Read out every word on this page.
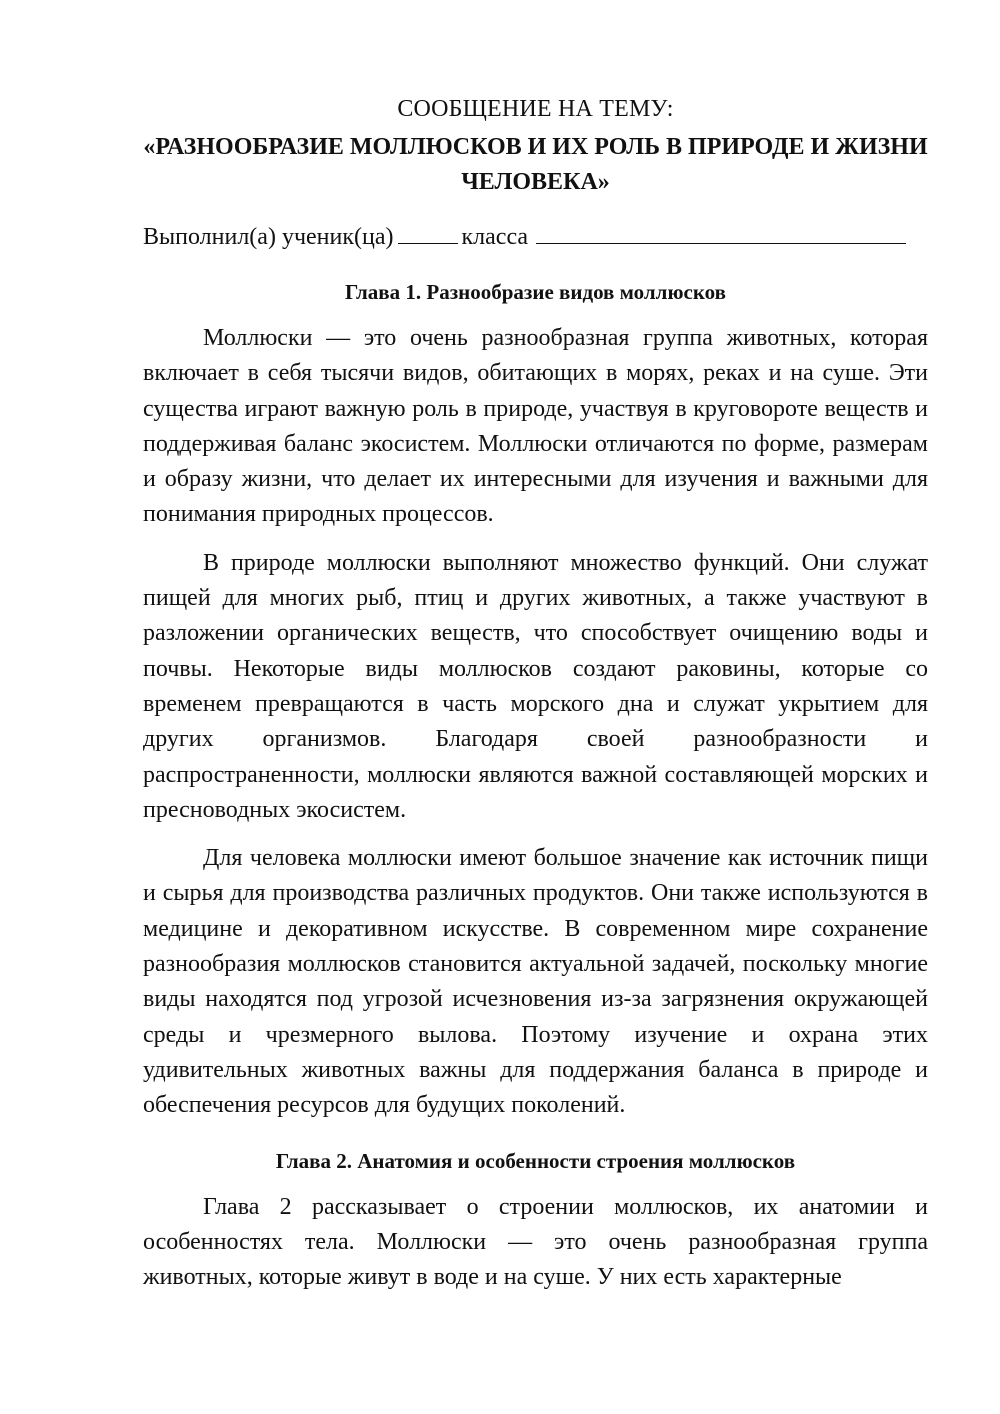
СООБЩЕНИЕ НА ТЕМУ:

«РАЗНООБРАЗИЕ МОЛЛЮСКОВ И ИХ РОЛЬ В ПРИРОДЕ И ЖИЗНИ ЧЕЛОВЕКА»

Выполнил(а) ученик(ца)	класса

Глава 1. Разнообразие видов моллюсков

Моллюски — это очень разнообразная группа животных, которая включает в себя тысячи видов, обитающих в морях, реках и на суше. Эти существа играют важную роль в природе, участвуя в круговороте веществ и поддерживая баланс экосистем. Моллюски отличаются по форме, размерам и образу жизни, что делает их интересными для изучения и важными для понимания природных процессов.

В природе моллюски выполняют множество функций. Они служат пищей для многих рыб, птиц и других животных, а также участвуют в разложении органических веществ, что способствует очищению воды и почвы. Некоторые виды моллюсков создают раковины, которые со временем превращаются в часть морского дна и служат укрытием для других организмов. Благодаря своей разнообразности и распространенности, моллюски являются важной составляющей морских и пресноводных экосистем.

Для человека моллюски имеют большое значение как источник пищи и сырья для производства различных продуктов. Они также используются в медицине и декоративном искусстве. В современном мире сохранение разнообразия моллюсков становится актуальной задачей, поскольку многие виды находятся под угрозой исчезновения из-за загрязнения окружающей среды и чрезмерного вылова. Поэтому изучение и охрана этих удивительных животных важны для поддержания баланса в природе и обеспечения ресурсов для будущих поколений.

Глава 2. Анатомия и особенности строения моллюсков

Глава 2 рассказывает о строении моллюсков, их анатомии и особенностях тела. Моллюски — это очень разнообразная группа животных, которые живут в воде и на суше. У них есть характерные
